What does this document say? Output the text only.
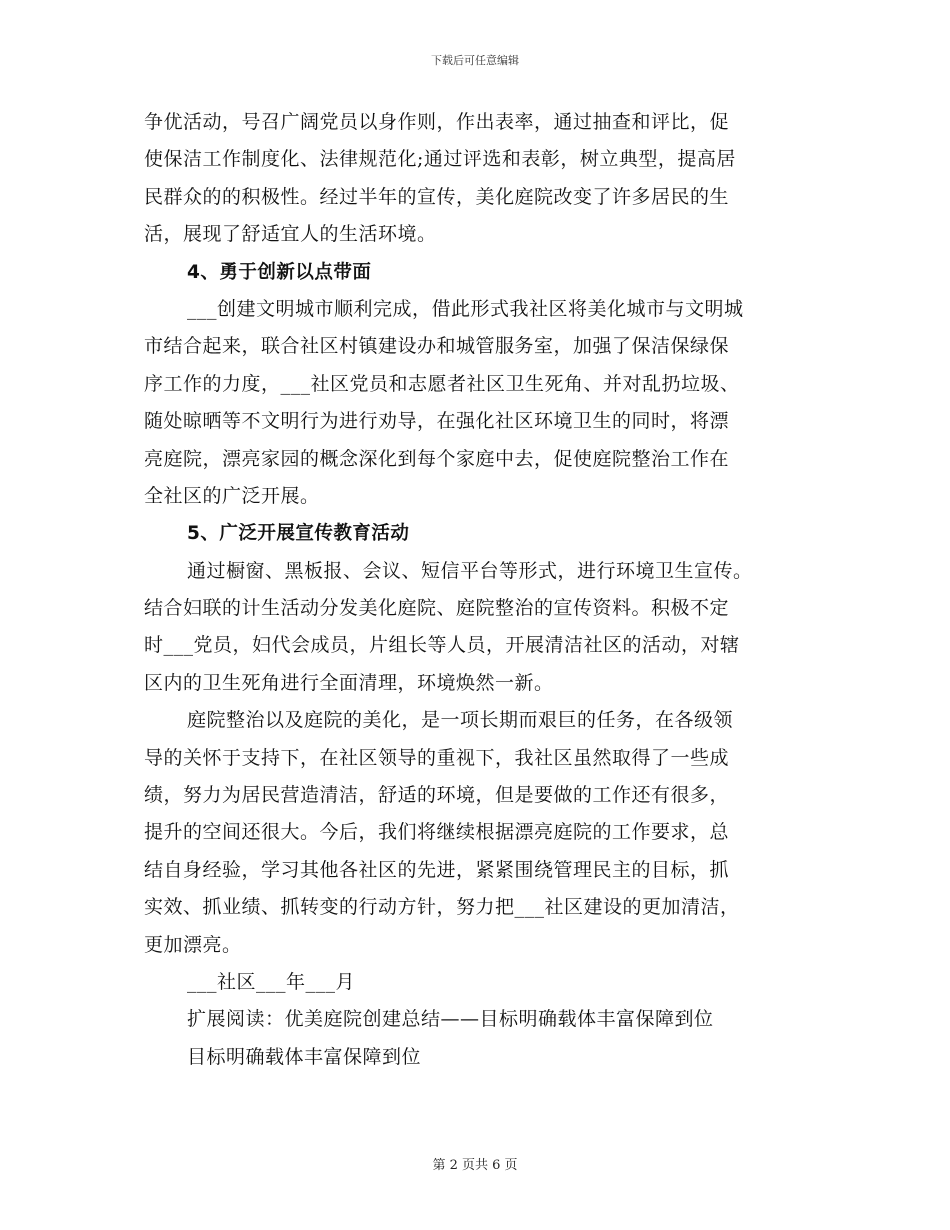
下载后可任意编辑
争优活动，号召广阔党员以身作则，作出表率，通过抽查和评比，促
使保洁工作制度化、法律规范化;通过评选和表彰，树立典型，提高居
民群众的的积极性。经过半年的宣传，美化庭院改变了许多居民的生
活，展现了舒适宜人的生活环境。
4、勇于创新以点带面
___创建文明城市顺利完成，借此形式我社区将美化城市与文明城
市结合起来，联合社区村镇建设办和城管服务室，加强了保洁保绿保
序工作的力度，___社区党员和志愿者社区卫生死角、并对乱扔垃圾、
随处晾晒等不文明行为进行劝导，在强化社区环境卫生的同时，将漂
亮庭院，漂亮家园的概念深化到每个家庭中去，促使庭院整治工作在
全社区的广泛开展。
5、广泛开展宣传教育活动
通过橱窗、黑板报、会议、短信平台等形式，进行环境卫生宣传。
结合妇联的计生活动分发美化庭院、庭院整治的宣传资料。积极不定
时___党员，妇代会成员，片组长等人员，开展清洁社区的活动，对辖
区内的卫生死角进行全面清理，环境焕然一新。
庭院整治以及庭院的美化，是一项长期而艰巨的任务，在各级领
导的关怀于支持下，在社区领导的重视下，我社区虽然取得了一些成
绩，努力为居民营造清洁，舒适的环境，但是要做的工作还有很多，
提升的空间还很大。今后，我们将继续根据漂亮庭院的工作要求，总
结自身经验，学习其他各社区的先进，紧紧围绕管理民主的目标，抓
实效、抓业绩、抓转变的行动方针，努力把___社区建设的更加清洁，
更加漂亮。
___社区___年___月
扩展阅读：优美庭院创建总结——目标明确载体丰富保障到位
目标明确载体丰富保障到位
第 2 页共 6 页
